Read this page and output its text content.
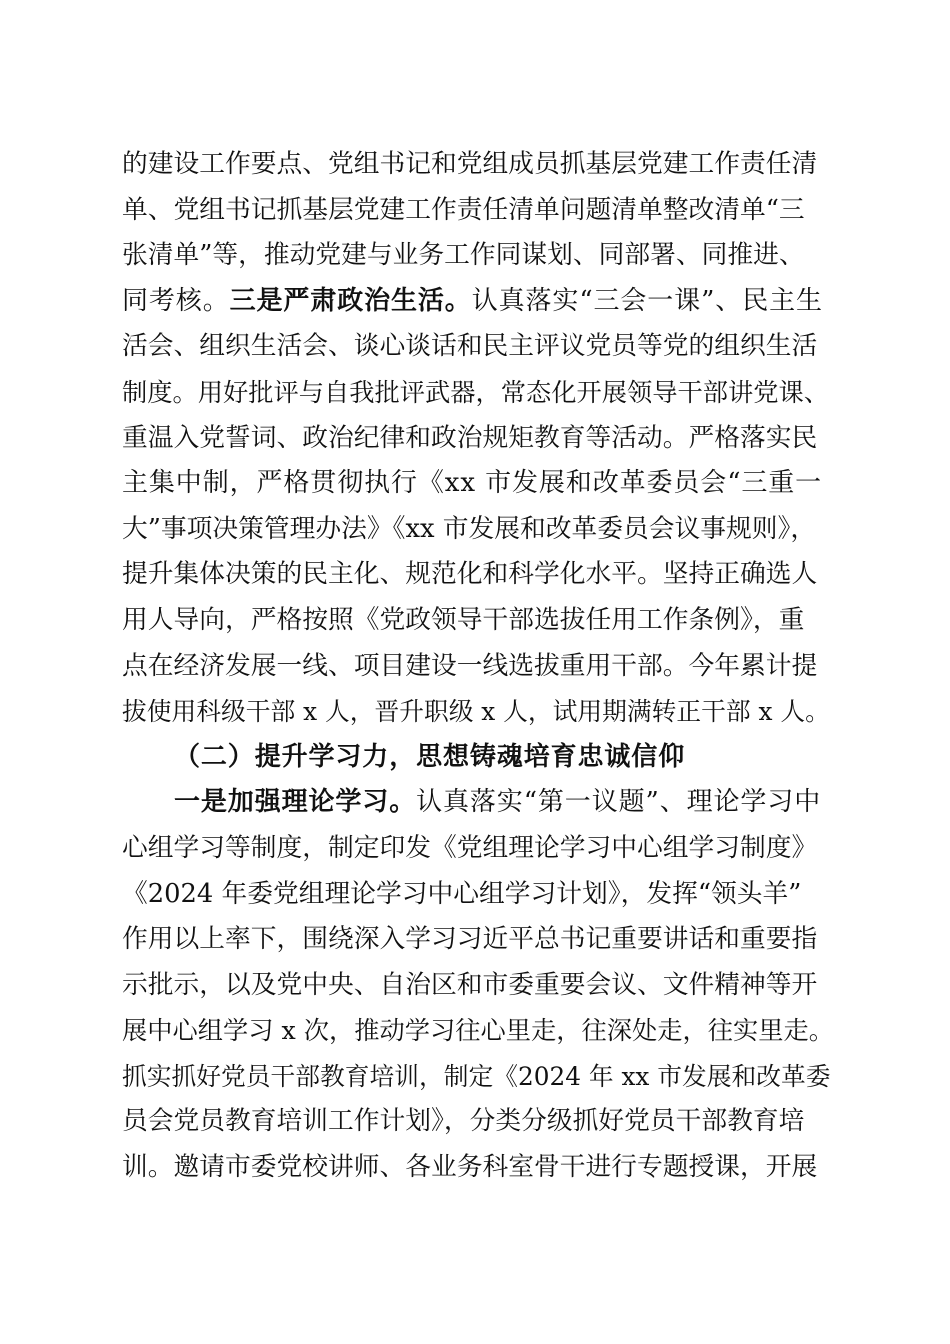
的建设工作要点、党组书记和党组成员抓基层党建工作责任清
单、党组书记抓基层党建工作责任清单问题清单整改清单“三
张清单”等，推动党建与业务工作同谋划、同部署、同推进、
同考核。三是严肃政治生活。认真落实“三会一课”、民主生
活会、组织生活会、谈心谈话和民主评议党员等党的组织生活
制度。用好批评与自我批评武器，常态化开展领导干部讲党课、
重温入党誓词、政治纪律和政治规矩教育等活动。严格落实民
主集中制，严格贯彻执行《xx 市发展和改革委员会“三重一
大”事项决策管理办法》《xx 市发展和改革委员会议事规则》，
提升集体决策的民主化、规范化和科学化水平。坚持正确选人
用人导向，严格按照《党政领导干部选拔任用工作条例》，重
点在经济发展一线、项目建设一线选拔重用干部。今年累计提
拔使用科级干部 x 人，晋升职级 x 人，试用期满转正干部 x 人。
（二）提升学习力，思想铸魂培育忠诚信仰
一是加强理论学习。认真落实“第一议题”、理论学习中
心组学习等制度，制定印发《党组理论学习中心组学习制度》
《2024 年委党组理论学习中心组学习计划》，发挥“领头羊”
作用以上率下，围绕深入学习习近平总书记重要讲话和重要指
示批示，以及党中央、自治区和市委重要会议、文件精神等开
展中心组学习 x 次，推动学习往心里走，往深处走，往实里走。
抓实抓好党员干部教育培训，制定《2024 年 xx 市发展和改革委
员会党员教育培训工作计划》，分类分级抓好党员干部教育培
训。邀请市委党校讲师、各业务科室骨干进行专题授课，开展
